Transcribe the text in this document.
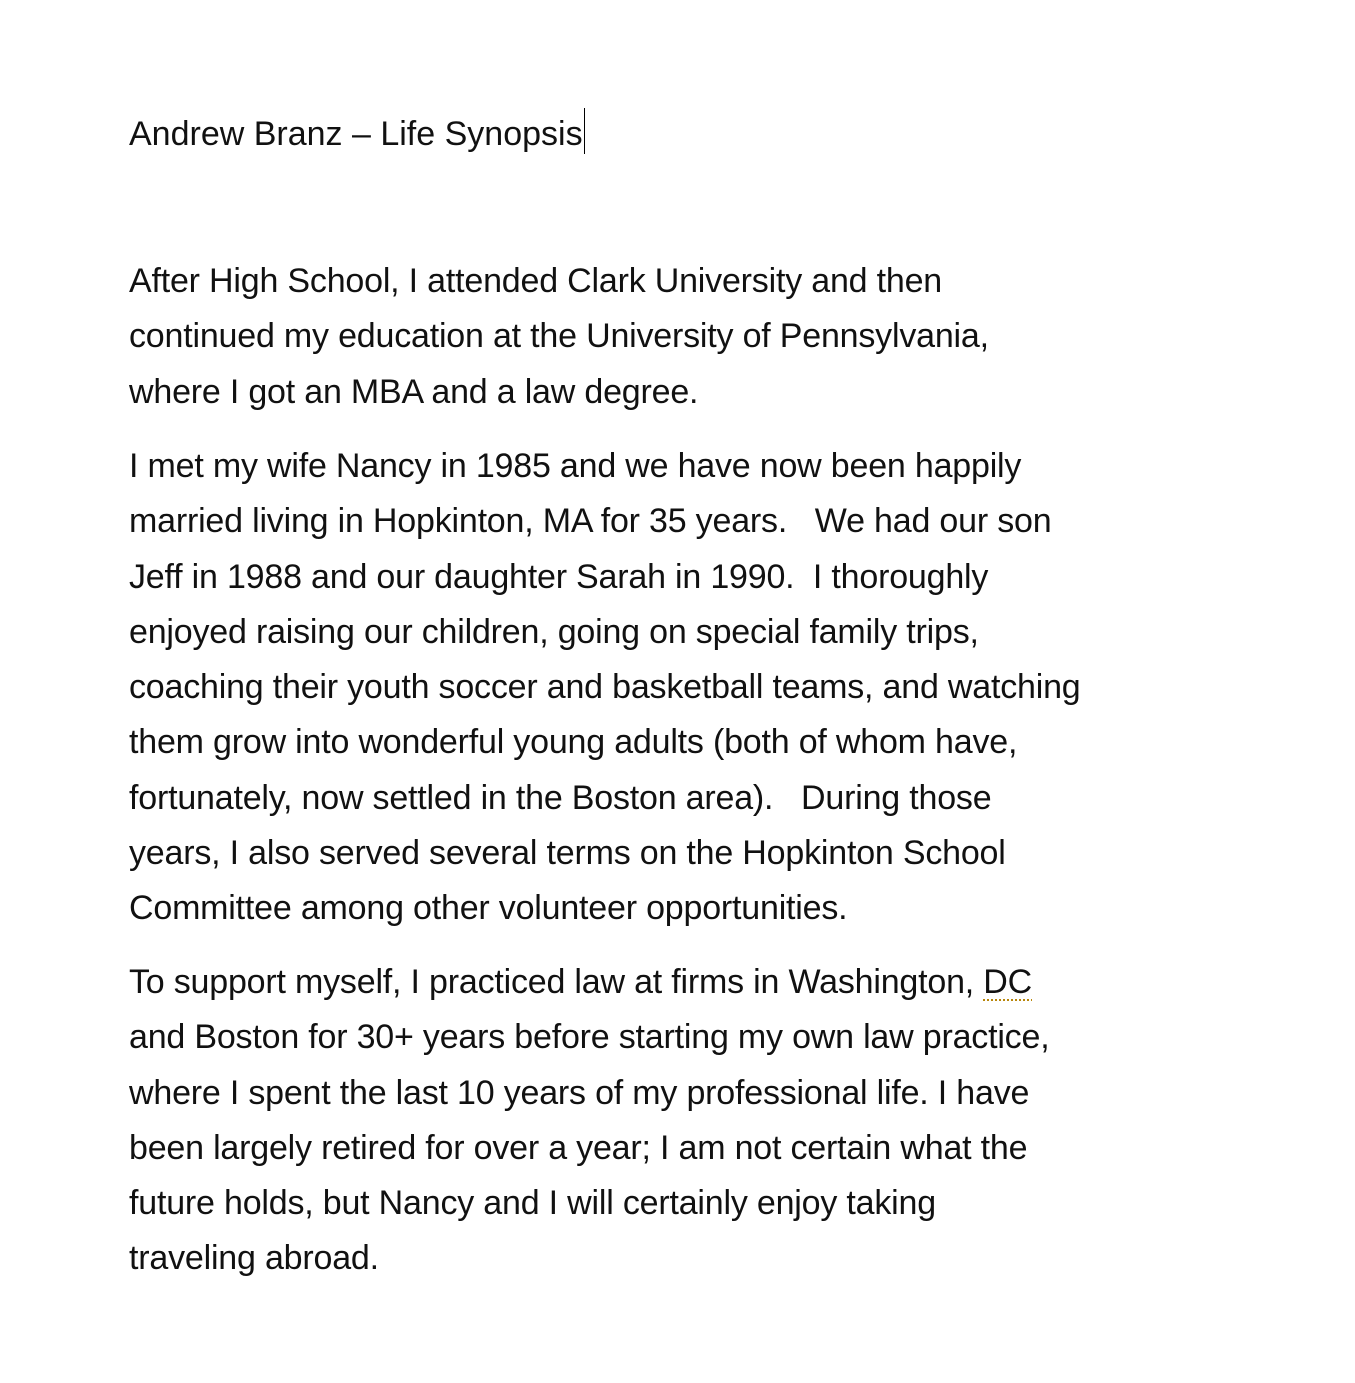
Andrew Branz – Life Synopsis
After High School, I attended Clark University and then
continued my education at the University of Pennsylvania,
where I got an MBA and a law degree.
I met my wife Nancy in 1985 and we have now been happily
married living in Hopkinton, MA for 35 years.   We had our son
Jeff in 1988 and our daughter Sarah in 1990.  I thoroughly
enjoyed raising our children, going on special family trips,
coaching their youth soccer and basketball teams, and watching
them grow into wonderful young adults (both of whom have,
fortunately, now settled in the Boston area).   During those
years, I also served several terms on the Hopkinton School
Committee among other volunteer opportunities.
To support myself, I practiced law at firms in Washington, DC
and Boston for 30+ years before starting my own law practice,
where I spent the last 10 years of my professional life. I have
been largely retired for over a year; I am not certain what the
future holds, but Nancy and I will certainly enjoy taking
traveling abroad.
